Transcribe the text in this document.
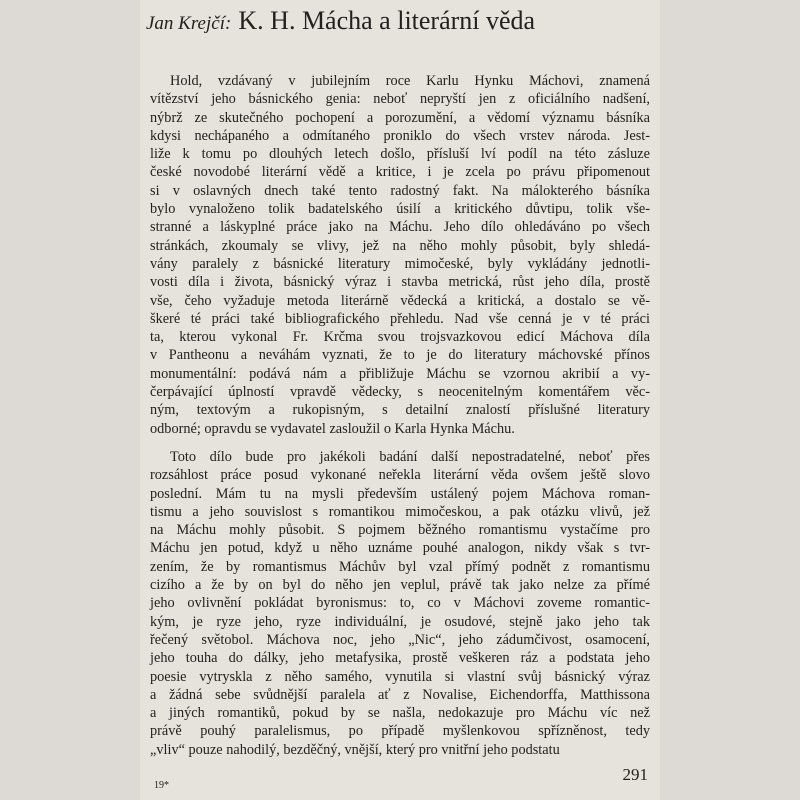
Jan Krejčí: K. H. Mácha a literární věda
Hold, vzdávaný v jubilejním roce Karlu Hynku Máchovi, znamená
vítězství jeho básnického genia: neboť nepryští jen z oficiálního nadšení,
nýbrž ze skutečného pochopení a porozumění, a vědomí významu básníka
kdysi nechápaného a odmítaného proniklo do všech vrstev národa. Jest-
liže k tomu po dlouhých letech došlo, přísluší lví podíl na této zásluze
české novodobé literární vědě a kritice, i je zcela po právu připomenout
si v oslavných dnech také tento radostný fakt. Na málokterého básníka
bylo vynaloženo tolik badatelského úsilí a kritického důvtipu, tolik vše-
stranné a láskyplné práce jako na Máchu. Jeho dílo ohledáváno po všech
stránkách, zkoumaly se vlivy, jež na něho mohly působit, byly shledá-
vány paralely z básnické literatury mimočeské, byly vykládány jednotli-
vosti díla i života, básnický výraz i stavba metrická, růst jeho díla, prostě
vše, čeho vyžaduje metoda literárně vědecká a kritická, a dostalo se vě-
škeré té práci také bibliografického přehledu. Nad vše cenná je v té práci
ta, kterou vykonal Fr. Krčma svou trojsvazkovou edicí Máchova díla
v Pantheonu a neváhám vyznati, že to je do literatury máchovské přínos
monumentální: podává nám a přibližuje Máchu se vzornou akribií a vy-
čerpávající úplností vpravdě vědecky, s neocenitelným komentářem věc-
ným, textovým a rukopisným, s detailní znalostí příslušné literatury
odborné; opravdu se vydavatel zasloužil o Karla Hynka Máchu.
Toto dílo bude pro jakékoli badání další nepostradatelné, neboť přes
rozsáhlost práce posud vykonané neřekla literární věda ovšem ještě slovo
poslední. Mám tu na mysli především ustálený pojem Máchova roman-
tismu a jeho souvislost s romantikou mimočeskou, a pak otázku vlivů, jež
na Máchu mohly působit. S pojmem běžného romantismu vystačíme pro
Máchu jen potud, když u něho uznáme pouhé analogon, nikdy však s tvr-
zením, že by romantismus Máchův byl vzal přímý podnět z romantismu
cizího a že by on byl do něho jen veplul, právě tak jako nelze za přímé
jeho ovlivnění pokládat byronismus: to, co v Máchovi zoveme romantic-
kým, je ryze jeho, ryze individuální, je osudové, stejně jako jeho tak
řečený světobol. Máchova noc, jeho „Nic“, jeho zádumčivost, osamocení,
jeho touha do dálky, jeho metafysika, prostě veškeren ráz a podstata jeho
poesie vytryskla z něho samého, vynutila si vlastní svůj básnický výraz
a žádná sebe svůdnější paralela ať z Novalise, Eichendorffa, Matthissona
a jiných romantiků, pokud by se našla, nedokazuje pro Máchu víc než
právě pouhý paralelismus, po případě myšlenkovou spřízněnost, tedy
„vliv“ pouze nahodilý, bezděčný, vnější, který pro vnitřní jeho podstatu
291
19*
